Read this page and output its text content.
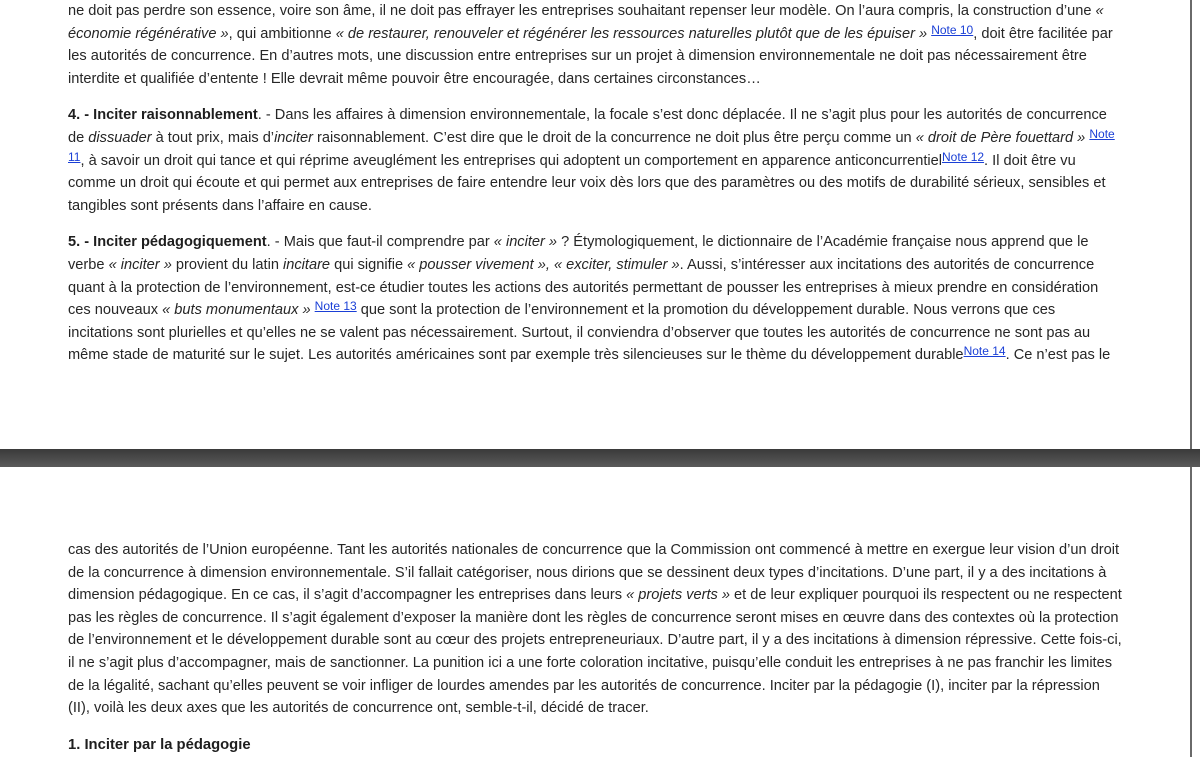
ne doit pas perdre son essence, voire son âme, il ne doit pas effrayer les entreprises souhaitant repenser leur modèle. On l’aura compris, la construction d’une « économie régénérative », qui ambitionne « de restaurer, renouveler et régénérer les ressources naturelles plutôt que de les épuiser » $^{Note 10}$, doit être facilitée par les autorités de concurrence. En d’autres mots, une discussion entre entreprises sur un projet à dimension environnementale ne doit pas nécessairement être interdite et qualifiée d’entente ! Elle devrait même pouvoir être encouragée, dans certaines circonstances…

4. - Inciter raisonnablement. - Dans les affaires à dimension environnementale, la focale s’est donc déplacée. Il ne s’agit plus pour les autorités de concurrence de dissuader à tout prix, mais d’inciter raisonnablement. C’est dire que le droit de la concurrence ne doit plus être perçu comme un « droit de Père fouettard » $^{Note 11}$, à savoir un droit qui tance et qui réprime aveuglément les entreprises qui adoptent un comportement en apparence anticoncurrentiel$^{Note 12}$. Il doit être vu comme un droit qui écoute et qui permet aux entreprises de faire entendre leur voix dès lors que des paramètres ou des motifs de durabilité sérieux, sensibles et tangibles sont présents dans l’affaire en cause.

5. - Inciter pédagogiquement. - Mais que faut-il comprendre par « inciter » ? Étymologiquement, le dictionnaire de l’Académie française nous apprend que le verbe « inciter » provient du latin incitare qui signifie « pousser vivement », « exciter, stimuler ». Aussi, s’intéresser aux incitations des autorités de concurrence quant à la protection de l’environnement, est-ce étudier toutes les actions des autorités permettant de pousser les entreprises à mieux prendre en considération ces nouveaux « buts monumentaux » $^{Note 13}$ que sont la protection de l’environnement et la promotion du développement durable. Nous verrons que ces incitations sont plurielles et qu’elles ne se valent pas nécessairement. Surtout, il conviendra d’observer que toutes les autorités de concurrence ne sont pas au même stade de maturité sur le sujet. Les autorités américaines sont par exemple très silencieuses sur le thème du développement durable$^{Note 14}$. Ce n’est pas le

cas des autorités de l’Union européenne. Tant les autorités nationales de concurrence que la Commission ont commencé à mettre en exergue leur vision d’un droit de la concurrence à dimension environnementale. S’il fallait catégoriser, nous dirions que se dessinent deux types d’incitations. D’une part, il y a des incitations à dimension pédagogique. En ce cas, il s’agit d’accompagner les entreprises dans leurs « projets verts » et de leur expliquer pourquoi ils respectent ou ne respectent pas les règles de concurrence. Il s’agit également d’exposer la manière dont les règles de concurrence seront mises en œuvre dans des contextes où la protection de l’environnement et le développement durable sont au cœur des projets entrepreneuriaux. D’autre part, il y a des incitations à dimension répressive. Cette fois-ci, il ne s’agit plus d’accompagner, mais de sanctionner. La punition ici a une forte coloration incitative, puisqu’elle conduit les entreprises à ne pas franchir les limites de la légalité, sachant qu’elles peuvent se voir infliger de lourdes amendes par les autorités de concurrence. Inciter par la pédagogie (I), inciter par la répression (II), voilà les deux axes que les autorités de concurrence ont, semble-t-il, décidé de tracer.

1. Inciter par la pédagogie
